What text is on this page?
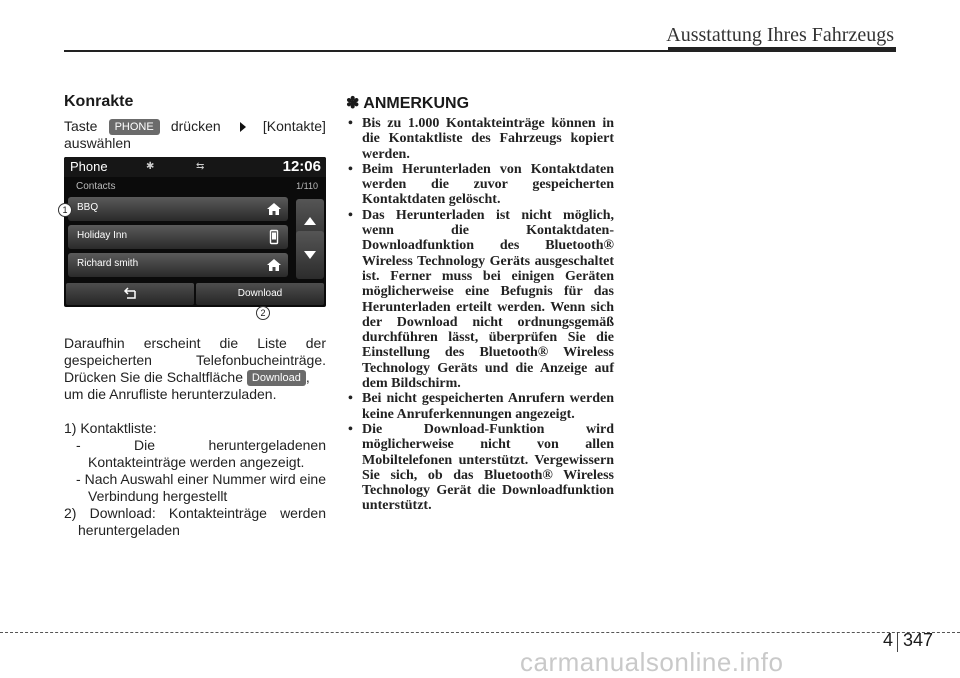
Ausstattung Ihres Fahrzeugs
Konrakte
Taste	PHONE	drücken	[Kontakte]
auswählen
Phone	✱	⇆	12:06
Contacts	1/110
BBQ
Holiday Inn
Richard smith
Download
1
2
Daraufhin erscheint die Liste der
gespeicherten Telefonbucheinträge.
Drücken Sie die Schaltfläche Download ,
um die Anrufliste herunterzuladen.
1) Kontaktliste:
- Die heruntergeladenen Kontakteinträge werden angezeigt.
- Nach Auswahl einer Nummer wird eine Verbindung hergestellt
2) Download: Kontakteinträge werden heruntergeladen
✽ ANMERKUNG
• Bis zu 1.000 Kontakteinträge können in die Kontaktliste des Fahrzeugs kopiert werden.
• Beim Herunterladen von Kontaktdaten werden die zuvor gespeicherten Kontaktdaten gelöscht.
• Das Herunterladen ist nicht möglich, wenn die Kontaktdaten-Downloadfunktion des Bluetooth® Wireless Technology Geräts ausgeschaltet ist. Ferner muss bei einigen Geräten möglicherweise eine Befugnis für das Herunterladen erteilt werden. Wenn sich der Download nicht ordnungsgemäß durchführen lässt, überprüfen Sie die Einstellung des Bluetooth® Wireless Technology Geräts und die Anzeige auf dem Bildschirm.
• Bei nicht gespeicherten Anrufern werden keine Anruferkennungen angezeigt.
• Die Download-Funktion wird möglicherweise nicht von allen Mobiltelefonen unterstützt. Vergewissern Sie sich, ob das Bluetooth® Wireless Technology Gerät die Downloadfunktion unterstützt.
4 347
carmanualsonline.info
